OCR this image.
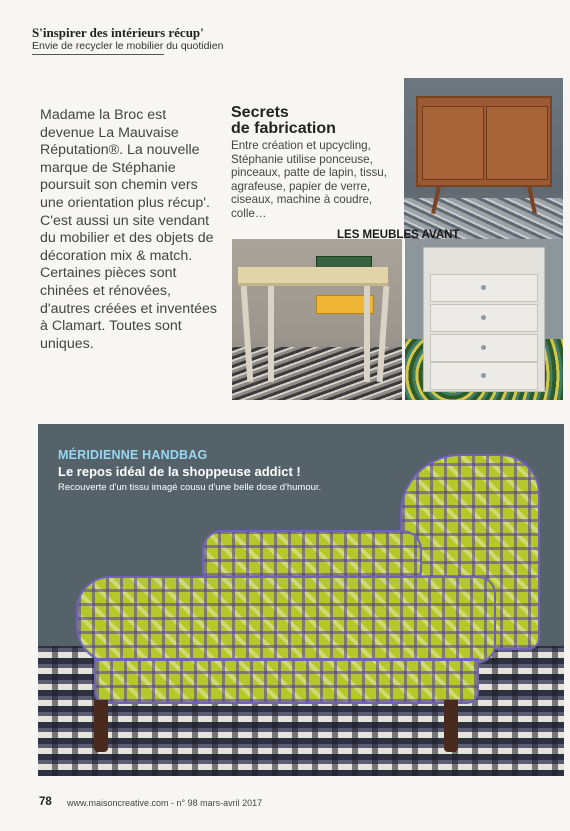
S'inspirer des intérieurs récup'
Envie de recycler le mobilier du quotidien
Madame la Broc est devenue La Mauvaise Réputation®. La nouvelle marque de Stéphanie poursuit son chemin vers une orientation plus récup'. C'est aussi un site vendant du mobilier et des objets de décoration mix & match. Certaines pièces sont chinées et rénovées, d'autres créées et inventées à Clamart. Toutes sont uniques.
Secrets
de fabrication
Entre création et upcycling, Stéphanie utilise ponceuse, pinceaux, patte de lapin, tissu, agrafeuse, papier de verre, ciseaux, machine à coudre, colle…
LES MEUBLES AVANT
MÉRIDIENNE HANDBAG
Le repos idéal de la shoppeuse addict !
Recouverte d'un tissu imagé cousu d'une belle dose d'humour.
78 www.maisoncreative.com - n° 98 mars-avril 2017
